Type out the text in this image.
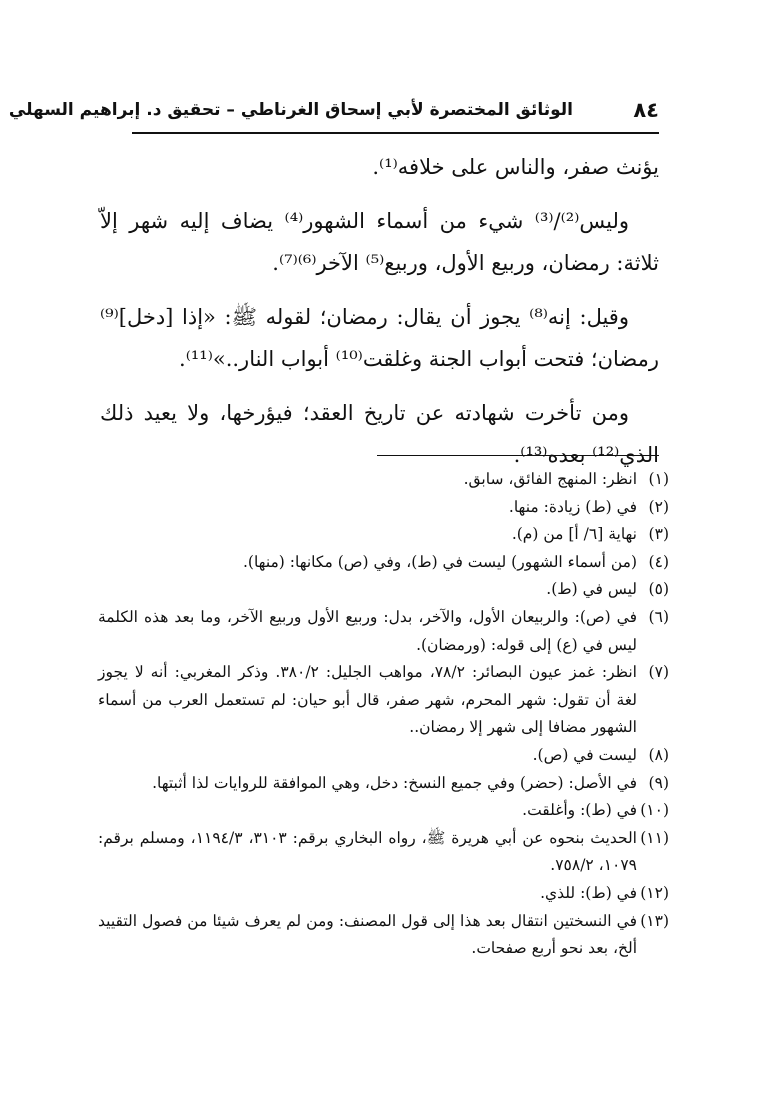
٨٤
الوثائق المختصرة لأبي إسحاق الغرناطي – تحقيق د. إبراهيم السهلي

يؤنث صفر، والناس على خلافه⁽¹⁾.

وليس⁽²⁾/⁽³⁾ شيء من أسماء الشهور⁽⁴⁾ يضاف إليه شهر إلاّ ثلاثة: رمضان، وربيع الأول، وربيع⁽⁵⁾ الآخر⁽⁶⁾⁽⁷⁾.

وقيل: إنه⁽⁸⁾ يجوز أن يقال: رمضان؛ لقوله ﷺ: «إذا [دخل]⁽⁹⁾ رمضان؛ فتحت أبواب الجنة وغلقت⁽¹⁰⁾ أبواب النار..»⁽¹¹⁾.

ومن تأخرت شهادته عن تاريخ العقد؛ فيؤرخها، ولا يعيد ذلك الذي⁽¹²⁾ بعده⁽¹³⁾.

(١)
انظر: المنهج الفائق، سابق.
(٢)
في (ط) زيادة: منها.
(٣)
نهاية [٦/ أ] من (م).
(٤)
(من أسماء الشهور) ليست في (ط)، وفي (ص) مكانها: (منها).
(٥)
ليس في (ط).
(٦)
في (ص): والربيعان الأول، والآخر، بدل: وربيع الأول وربيع الآخر، وما بعد هذه الكلمة ليس في (ع) إلى قوله: (ورمضان).
(٧)
انظر: غمز عيون البصائر: ٧٨/٢، مواهب الجليل: ٣٨٠/٢. وذكر المغربي: أنه لا يجوز لغة أن تقول: شهر المحرم، شهر صفر، قال أبو حيان: لم تستعمل العرب من أسماء الشهور مضافا إلى شهر إلا رمضان..
(٨)
ليست في (ص).
(٩)
في الأصل: (حضر) وفي جميع النسخ: دخل، وهي الموافقة للروايات لذا أثبتها.
(١٠)
في (ط): وأغلقت.
(١١)
الحديث بنحوه عن أبي هريرة ﷺ، رواه البخاري برقم: ٣١٠٣، ١١٩٤/٣، ومسلم برقم: ١٠٧٩، ٧٥٨/٢.
(١٢)
في (ط): للذي.
(١٣)
في النسختين انتقال بعد هذا إلى قول المصنف: ومن لم يعرف شيئا من فصول التقييد ألخ، بعد نحو أربع صفحات.
